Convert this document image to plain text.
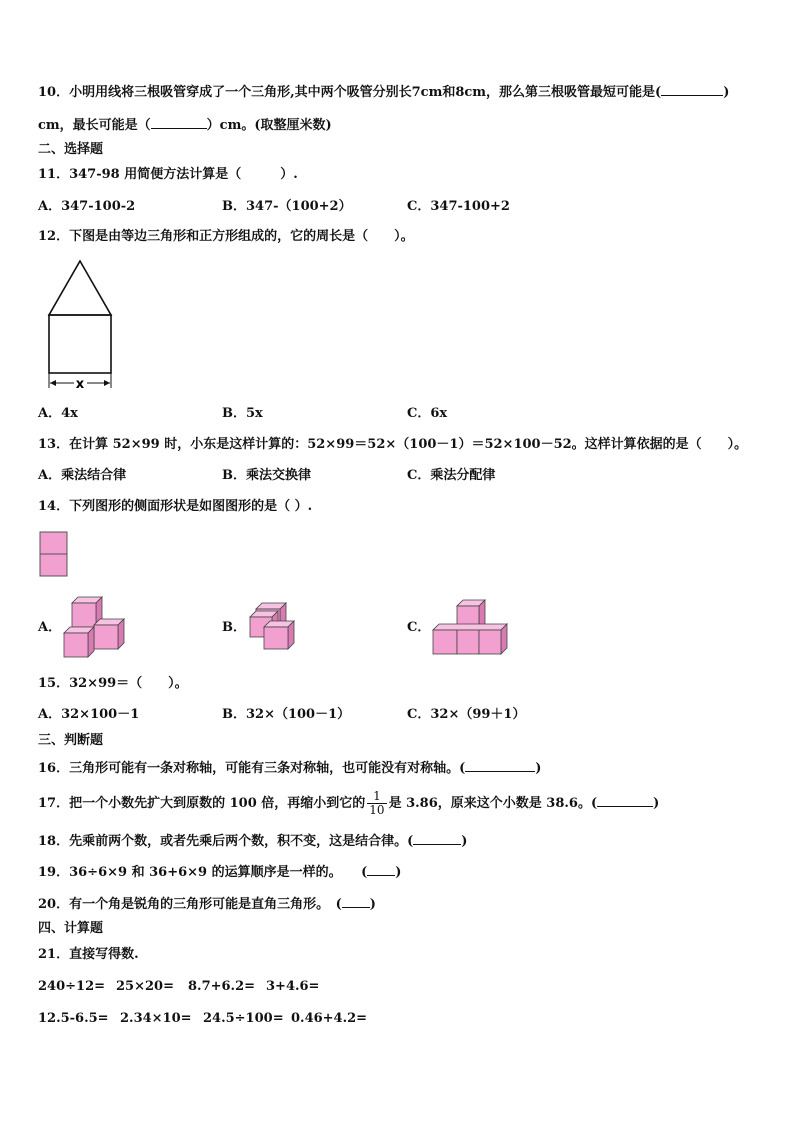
10．小明用线将三根吸管穿成了一个三角形,其中两个吸管分别长7cm和8cm，那么第三根吸管最短可能是(	)
cm，最长可能是（	）cm。(取整厘米数)
二、选择题
11．347-98 用简便方法计算是（　　　）.
A．347-100-2	B．347-（100+2）	C．347-100+2
12．下图是由等边三角形和正方形组成的，它的周长是（　　）。
x
A．4x	B．5x	C．6x
13．在计算 52×99 时，小东是这样计算的：52×99＝52×（100－1）＝52×100－52。这样计算依据的是（　　）。
A．乘法结合律	B．乘法交换律	C．乘法分配律
14．下列图形的侧面形状是如图图形的是（ ）.
A．	B．	C．
15．32×99＝（　　）。
A．32×100－1	B．32×（100－1）	C．32×（99＋1）
三、判断题
16．三角形可能有一条对称轴，可能有三条对称轴，也可能没有对称轴。(	)
17．把一个小数先扩大到原数的 100 倍，再缩小到它的 $\frac{1}{10}$ 是 3.86，原来这个小数是 38.6。(	)
18．先乘前两个数，或者先乘后两个数，积不变，这是结合律。(	)
19．36÷6×9 和 36+6×9 的运算顺序是一样的。　　( )
20．有一个角是锐角的三角形可能是直角三角形。　( )
四、计算题
21．直接写得数.
240÷12= 25×20= 8.7+6.2= 3+4.6=
12.5-6.5= 2.34×10= 24.5÷100= 0.46+4.2=
